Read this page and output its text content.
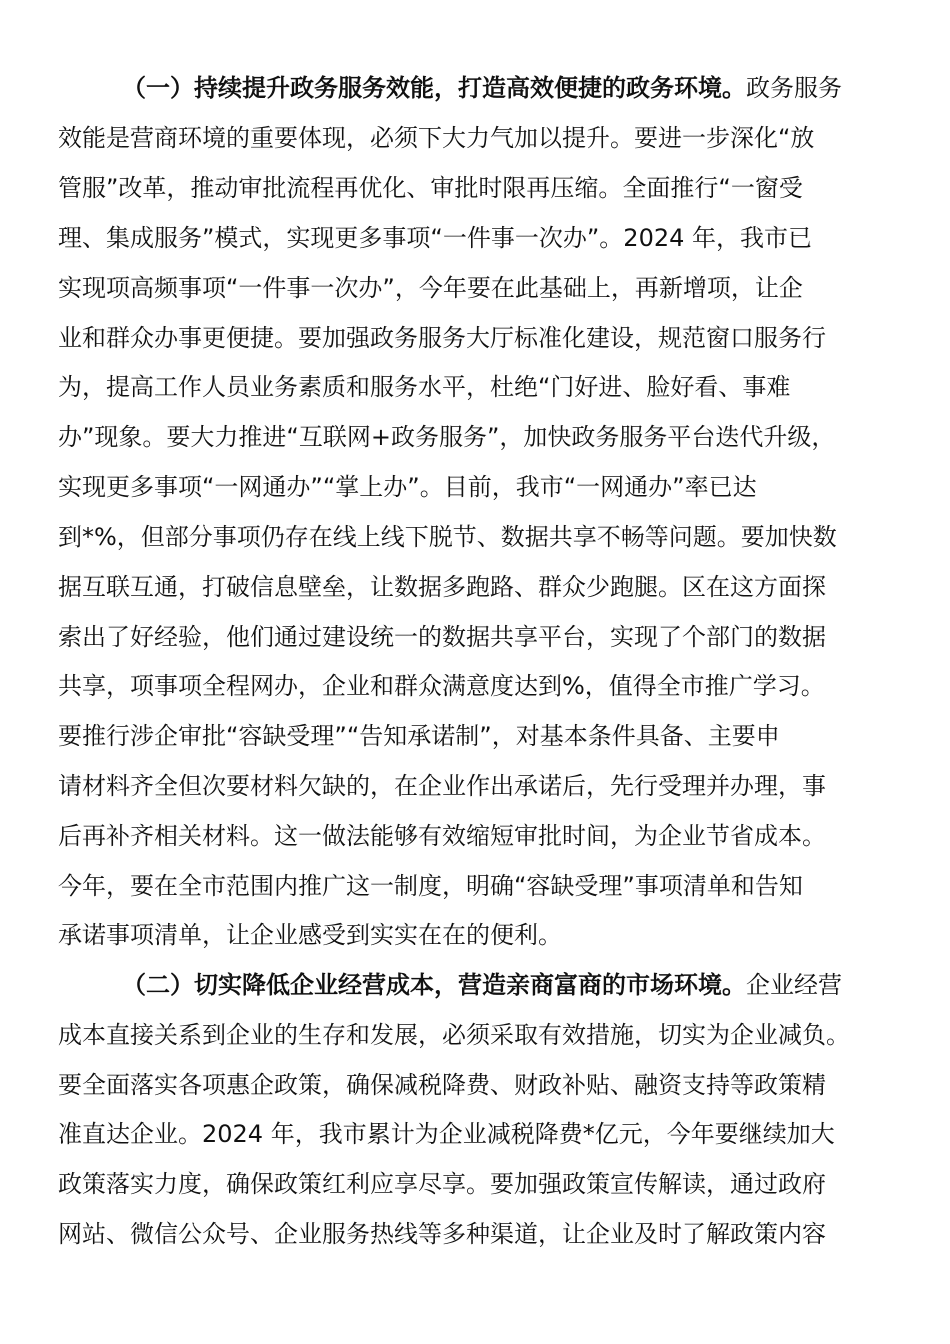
（一）持续提升政务服务效能，打造高效便捷的政务环境。政务服务
效能是营商环境的重要体现，必须下大力气加以提升。要进一步深化“放
管服”改革，推动审批流程再优化、审批时限再压缩。全面推行“一窗受
理、集成服务”模式，实现更多事项“一件事一次办”。2024 年，我市已
实现项高频事项“一件事一次办”，今年要在此基础上，再新增项，让企
业和群众办事更便捷。要加强政务服务大厅标准化建设，规范窗口服务行
为，提高工作人员业务素质和服务水平，杜绝“门好进、脸好看、事难
办”现象。要大力推进“互联网+政务服务”，加快政务服务平台迭代升级，
实现更多事项“一网通办”“掌上办”。目前，我市“一网通办”率已达
到*%，但部分事项仍存在线上线下脱节、数据共享不畅等问题。要加快数
据互联互通，打破信息壁垒，让数据多跑路、群众少跑腿。区在这方面探
索出了好经验，他们通过建设统一的数据共享平台，实现了个部门的数据
共享，项事项全程网办，企业和群众满意度达到%，值得全市推广学习。
要推行涉企审批“容缺受理”“告知承诺制”，对基本条件具备、主要申
请材料齐全但次要材料欠缺的，在企业作出承诺后，先行受理并办理，事
后再补齐相关材料。这一做法能够有效缩短审批时间，为企业节省成本。
今年，要在全市范围内推广这一制度，明确“容缺受理”事项清单和告知
承诺事项清单，让企业感受到实实在在的便利。
（二）切实降低企业经营成本，营造亲商富商的市场环境。企业经营
成本直接关系到企业的生存和发展，必须采取有效措施，切实为企业减负。
要全面落实各项惠企政策，确保减税降费、财政补贴、融资支持等政策精
准直达企业。2024 年，我市累计为企业减税降费*亿元，今年要继续加大
政策落实力度，确保政策红利应享尽享。要加强政策宣传解读，通过政府
网站、微信公众号、企业服务热线等多种渠道，让企业及时了解政策内容
